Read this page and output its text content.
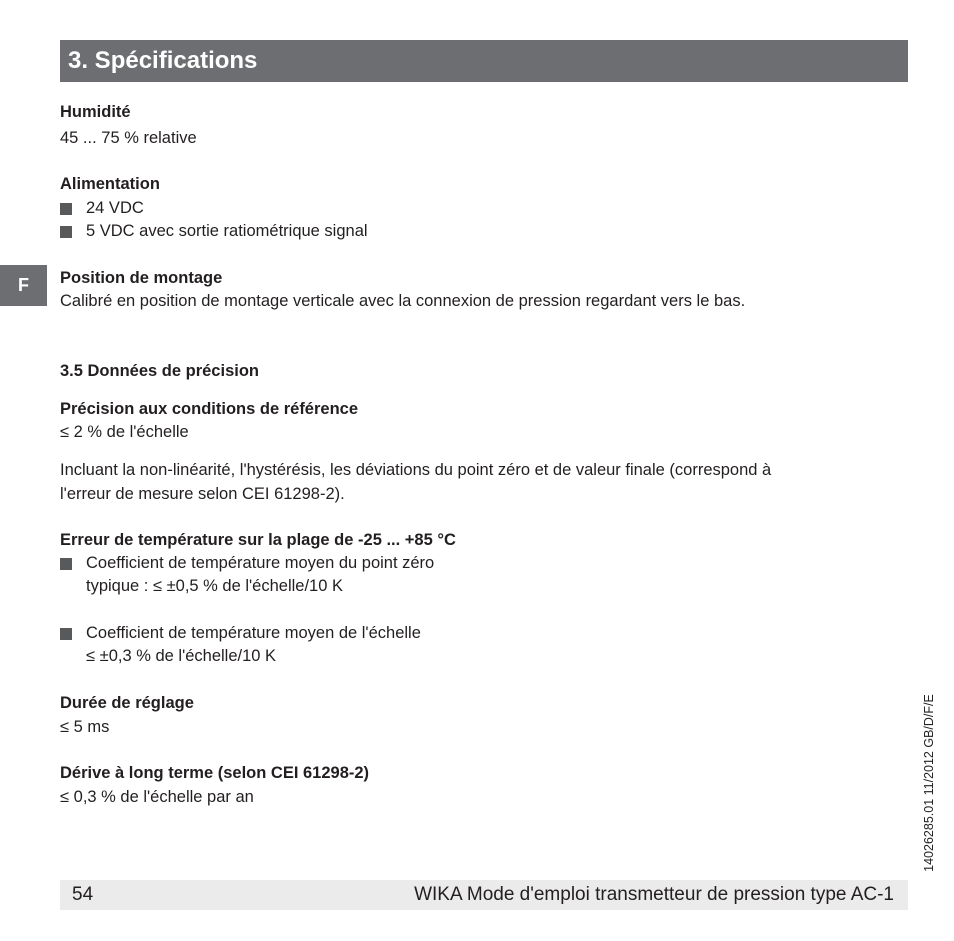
3. Spécifications
F
Humidité
45 ... 75 % relative
Alimentation
24 VDC
5 VDC avec sortie ratiométrique signal
Position de montage
Calibré en position de montage verticale avec la connexion de pression regardant vers le bas.
3.5 Données de précision
Précision aux conditions de référence
≤ 2 % de l'échelle
Incluant la non-linéarité, l'hystérésis, les déviations du point zéro et de valeur finale (correspond à
l'erreur de mesure selon CEI 61298-2).
Erreur de température sur la plage de -25 ... +85 °C
Coefficient de température moyen du point zéro
typique : ≤ ±0,5 % de l'échelle/10 K
Coefficient de température moyen de l'échelle
≤ ±0,3 % de l'échelle/10 K
Durée de réglage
≤ 5 ms
Dérive à long terme (selon CEI 61298-2)
≤ 0,3 % de l'échelle par an	14026285.01 11/2012 GB/D/F/E
54	WIKA Mode d'emploi transmetteur de pression type AC-1
